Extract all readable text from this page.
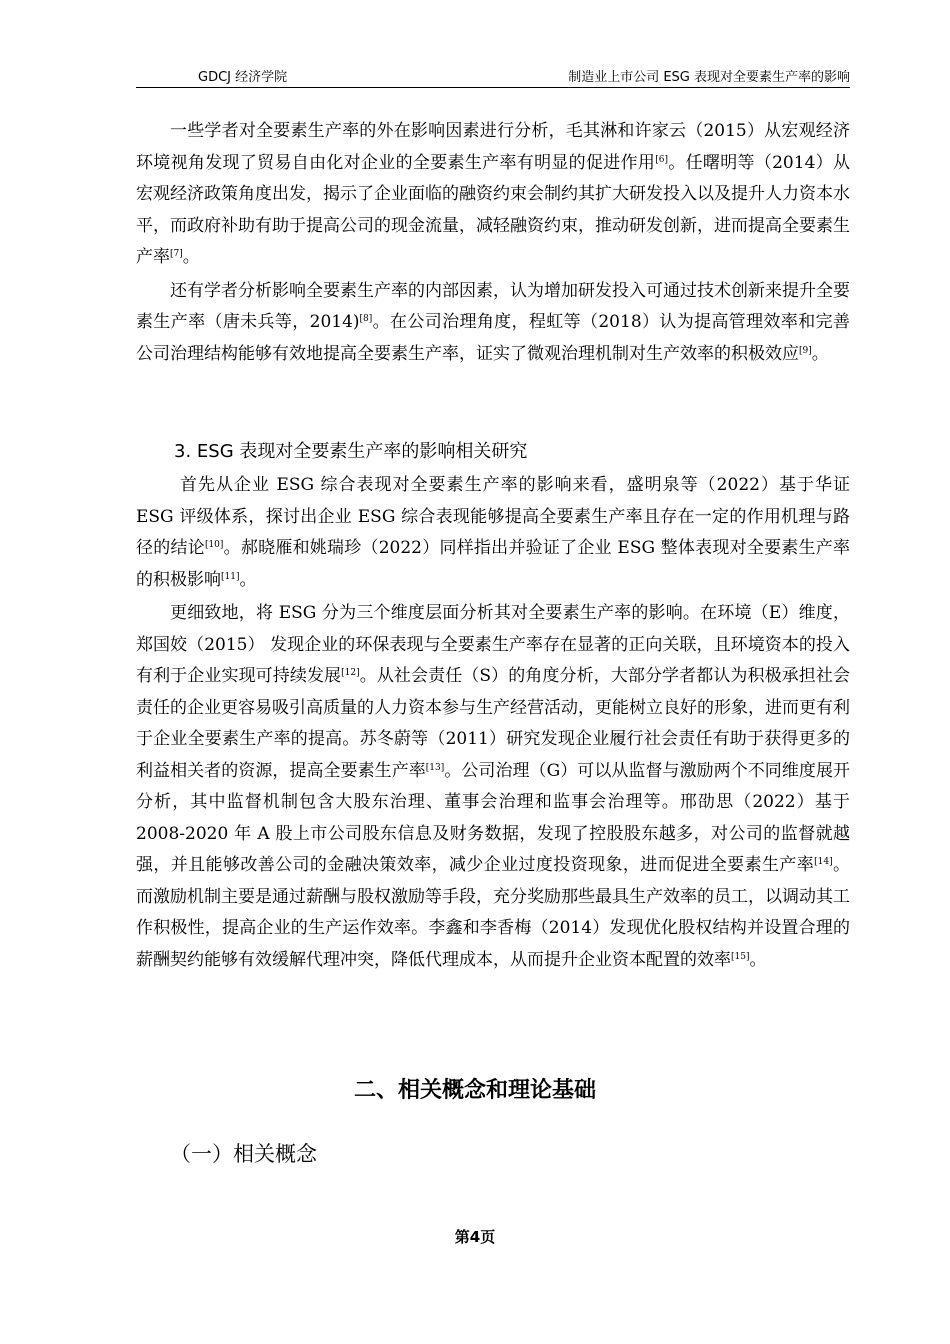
GDCJ 经济学院	制造业上市公司 ESG 表现对全要素生产率的影响

一些学者对全要素生产率的外在影响因素进行分析，毛其淋和许家云（2015）从宏观经济环境视角发现了贸易自由化对企业的全要素生产率有明显的促进作用[6]。任曙明等（2014）从宏观经济政策角度出发，揭示了企业面临的融资约束会制约其扩大研发投入以及提升人力资本水平，而政府补助有助于提高公司的现金流量，减轻融资约束，推动研发创新，进而提高全要素生产率[7]。

还有学者分析影响全要素生产率的内部因素，认为增加研发投入可通过技术创新来提升全要素生产率（唐未兵等，2014)[8]。在公司治理角度，程虹等（2018）认为提高管理效率和完善公司治理结构能够有效地提高全要素生产率，证实了微观治理机制对生产效率的积极效应[9]。

3. ESG 表现对全要素生产率的影响相关研究

首先从企业 ESG 综合表现对全要素生产率的影响来看，盛明泉等（2022）基于华证 ESG 评级体系，探讨出企业 ESG 综合表现能够提高全要素生产率且存在一定的作用机理与路径的结论[10]。郝晓雁和姚瑞珍（2022）同样指出并验证了企业 ESG 整体表现对全要素生产率的积极影响[11]。

更细致地，将 ESG 分为三个维度层面分析其对全要素生产率的影响。在环境（E）维度，郑国姣（2015） 发现企业的环保表现与全要素生产率存在显著的正向关联，且环境资本的投入有利于企业实现可持续发展[12]。从社会责任（S）的角度分析，大部分学者都认为积极承担社会责任的企业更容易吸引高质量的人力资本参与生产经营活动，更能树立良好的形象，进而更有利于企业全要素生产率的提高。苏冬蔚等（2011）研究发现企业履行社会责任有助于获得更多的利益相关者的资源，提高全要素生产率[13]。公司治理（G）可以从监督与激励两个不同维度展开分析，其中监督机制包含大股东治理、董事会治理和监事会治理等。邢劭思（2022）基于 2008-2020 年 A 股上市公司股东信息及财务数据，发现了控股股东越多，对公司的监督就越强，并且能够改善公司的金融决策效率，减少企业过度投资现象，进而促进全要素生产率[14]。而激励机制主要是通过薪酬与股权激励等手段，充分奖励那些最具生产效率的员工，以调动其工作积极性，提高企业的生产运作效率。李鑫和李香梅（2014）发现优化股权结构并设置合理的薪酬契约能够有效缓解代理冲突，降低代理成本，从而提升企业资本配置的效率[15]。

二、相关概念和理论基础
（一）相关概念
第4页
